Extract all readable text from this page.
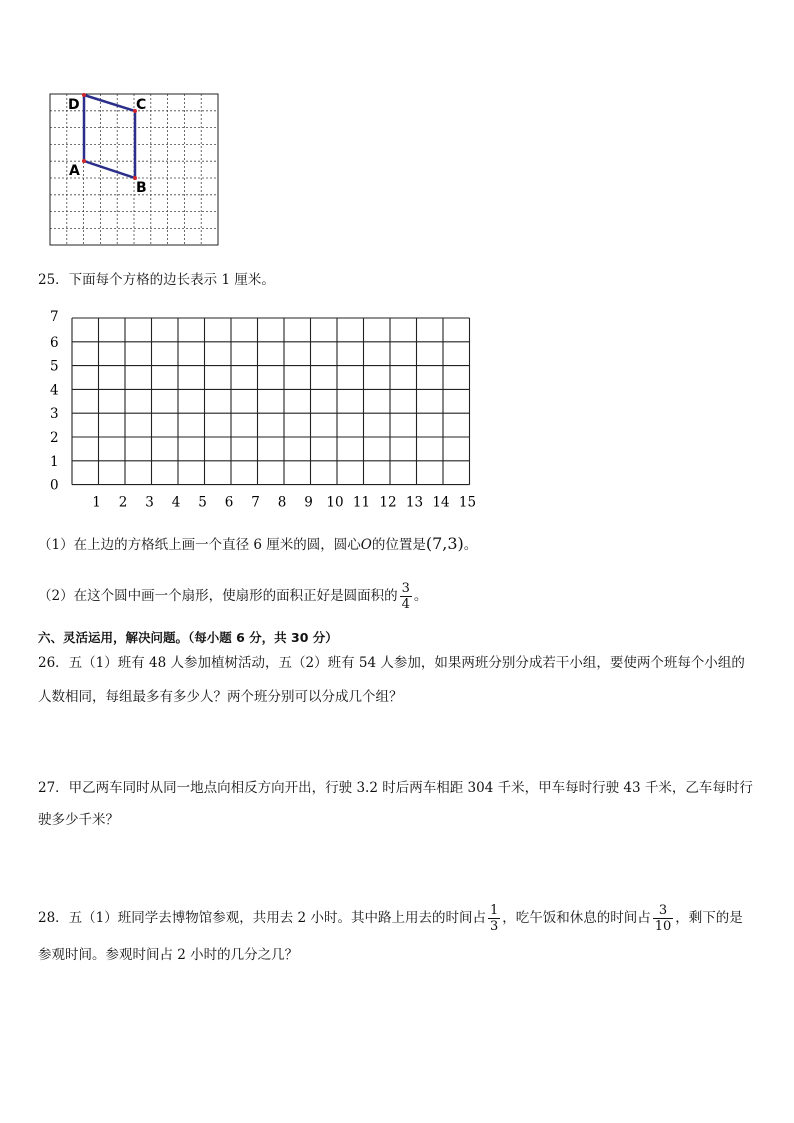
D	C
A
B
25．下面每个方格的边长表示 1 厘米。
7
6
5
4
3
2
1
0
1 2 3 4 5 6 7 8 9 10 11 12 13 14 15
（1）在上边的方格纸上画一个直径 6 厘米的圆，圆心O的位置是(7,3)。
（2）在这个圆中画一个扇形，使扇形的面积正好是圆面积的 $\frac{3}{4}$ 。
六、灵活运用，解决问题。（每小题 6 分，共 30 分）
26．五（1）班有 48 人参加植树活动，五（2）班有 54 人参加，如果两班分别分成若干小组，要使两个班每个小组的
人数相同，每组最多有多少人？两个班分别可以分成几个组？
27．甲乙两车同时从同一地点向相反方向开出，行驶 3.2 时后两车相距 304 千米，甲车每时行驶 43 千米，乙车每时行
驶多少千米？
28．五（1）班同学去博物馆参观，共用去 2 小时。其中路上用去的时间占 $\frac{1}{3}$ ，吃午饭和休息的时间占 $\frac{3}{10}$ ，剩下的是
参观时间。参观时间占 2 小时的几分之几？
